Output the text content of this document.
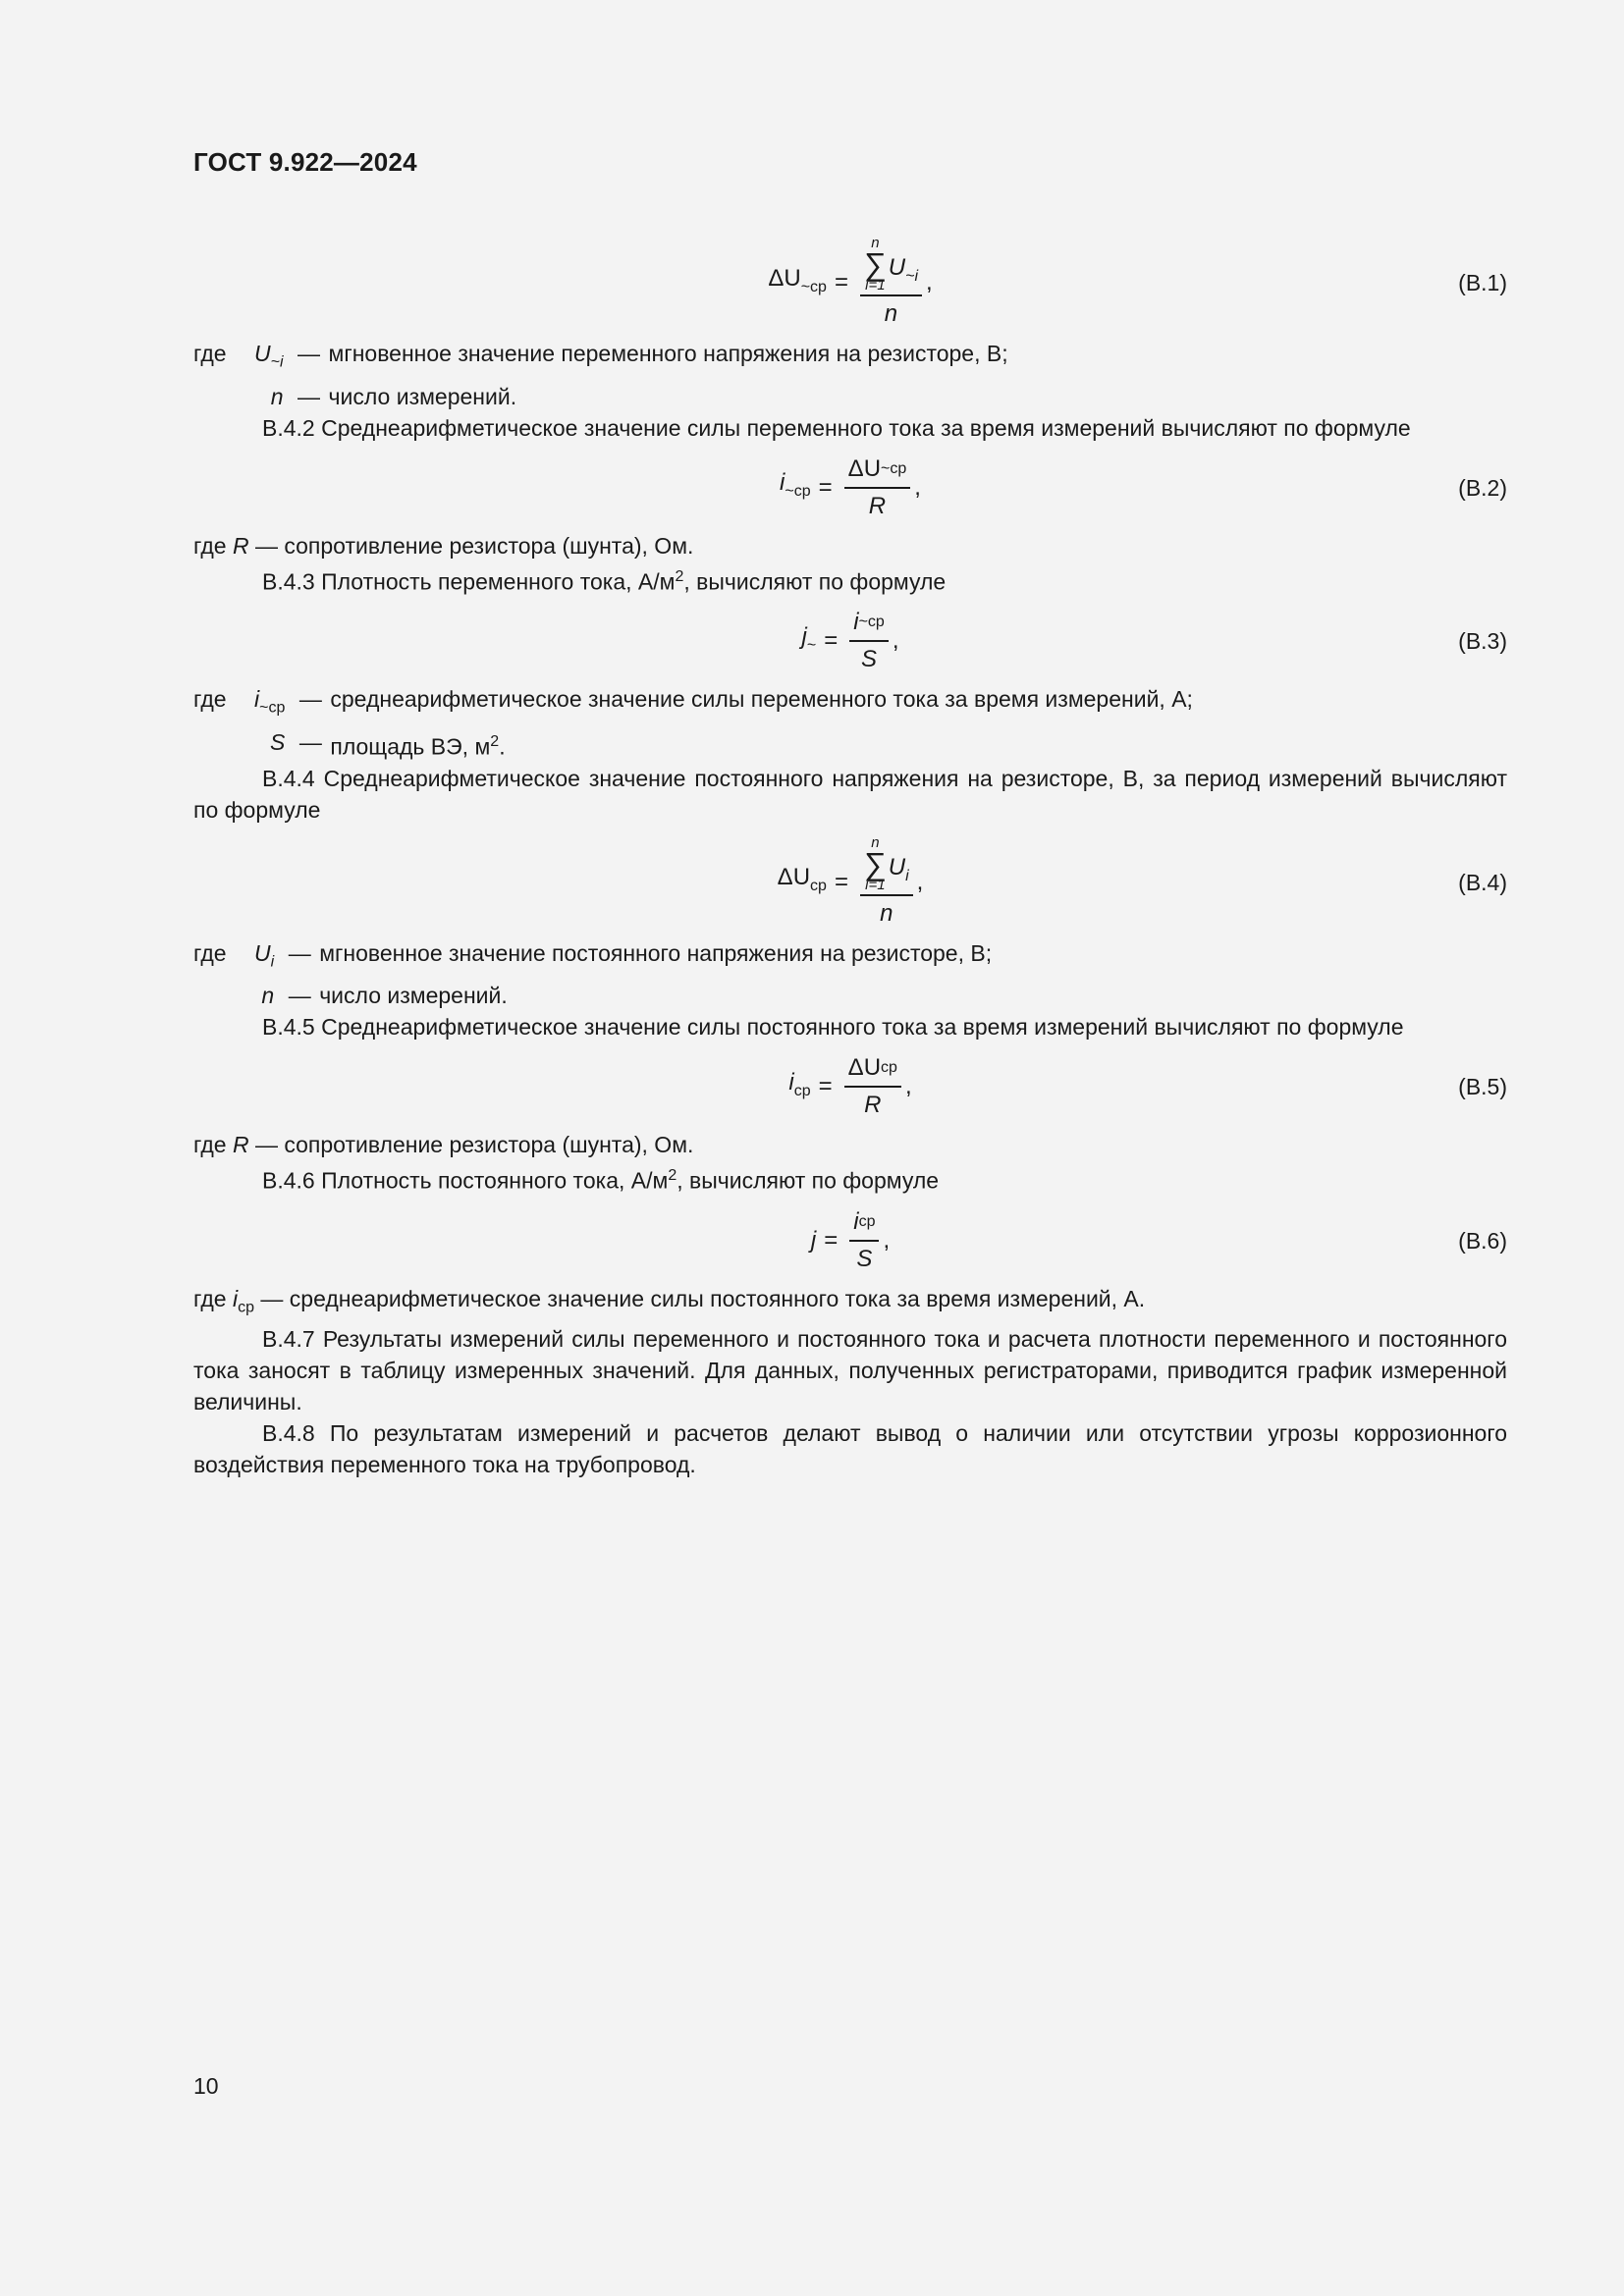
ГОСТ 9.922—2024
$\Delta U_{\sim ср}$ =
n
∑
i=1
$U_{\sim i}$
n
,	(В.1)
где	$U_{\sim i}$ — мгновенное значение переменного напряжения на резисторе, В;
n — число измерений.

В.4.2 Среднеарифметическое значение силы переменного тока за время измерений вычисляют по формуле

$i_{\sim ср} = \frac{\Delta U \sim ср}{R}$ ,	(В.2)

где R — сопротивление резистора (шунта), Ом.

В.4.3 Плотность переменного тока, $А/м^2$, вычисляют по формуле

$j_\sim = \frac{i \sim ср}{S}$ ,	(В.3)
где	$i_{\sim ср}$ — среднеарифметическое значение силы переменного тока за время измерений, А;
S — площадь ВЭ, $м^2$.

В.4.4 Среднеарифметическое значение постоянного напряжения на резисторе, В, за период измерений вычисляют по формуле

$\Delta U_{ср}$ =
n
∑
i=1
$U_i$
n
,	(В.4)
где	$U_i$ — мгновенное значение постоянного напряжения на резисторе, В;
n — число измерений.

В.4.5 Среднеарифметическое значение силы постоянного тока за время измерений вычисляют по формуле

$i_{ср} = \frac{\text{ΔU ср}}{R}$ ,	(В.5)

где R — сопротивление резистора (шунта), Ом.

В.4.6 Плотность постоянного тока, $А/м^2$, вычисляют по формуле

$j = \frac{\text{i ср}}{S}$ ,	(В.6)

где $i_{ср}$ — среднеарифметическое значение силы постоянного тока за время измерений, А.

В.4.7 Результаты измерений силы переменного и постоянного тока и расчета плотности переменного и постоянного тока заносят в таблицу измеренных значений. Для данных, полученных регистраторами, приводится график измеренной величины.

В.4.8 По результатам измерений и расчетов делают вывод о наличии или отсутствии угрозы коррозионного воздействия переменного тока на трубопровод.

10
